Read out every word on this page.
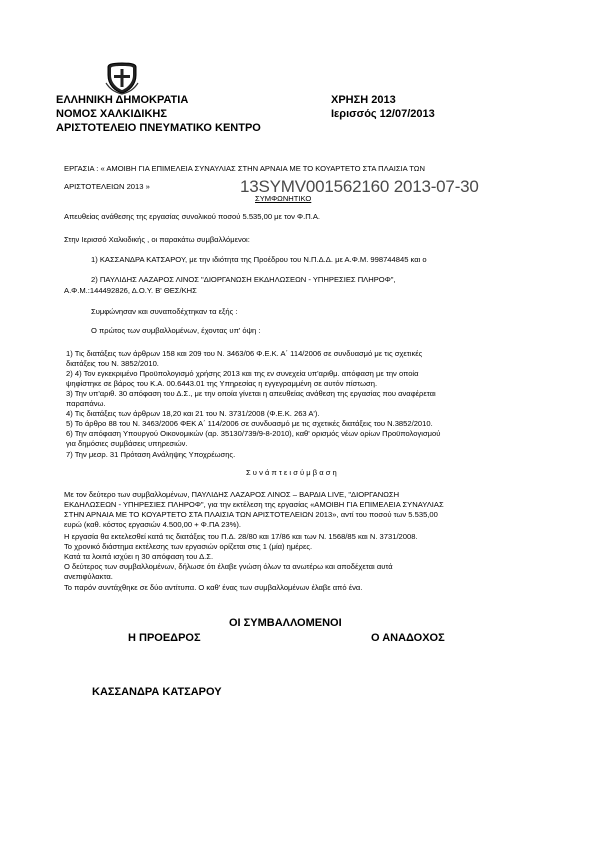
ΕΛΛΗΝΙΚΗ ΔΗΜΟΚΡΑΤΙΑ
ΝΟΜΟΣ ΧΑΛΚΙΔΙΚΗΣ
ΑΡΙΣΤΟΤΕΛΕΙΟ ΠΝΕΥΜΑΤΙΚΟ ΚΕΝΤΡΟ
ΧΡΗΣΗ 2013
Ιερισσός 12/07/2013
ΕΡΓΑΣΙΑ : « ΑΜΟΙΒΗ ΓΙΑ ΕΠΙΜΕΛΕΙΑ ΣΥΝΑΥΛΙΑΣ ΣΤΗΝ ΑΡΝΑΙΑ ΜΕ ΤΟ ΚΟΥΑΡΤΕΤΟ ΣΤΑ ΠΛΑΙΣΙΑ ΤΩΝ
ΑΡΙΣΤΟΤΕΛΕΙΩΝ 2013 »	13SYMV001562160 2013-07-30
ΣΥΜΦΩΝΗΤΙΚΟ
Απευθείας ανάθεσης της εργασίας συνολικού ποσού 5.535,00 με τον Φ.Π.Α.
Στην Ιερισσό Χαλκιδικής , οι παρακάτω συμβαλλόμενοι:
1) ΚΑΣΣΑΝΔΡΑ ΚΑΤΣΑΡΟΥ, με την ιδιότητα της Προέδρου του Ν.Π.Δ.Δ. με Α.Φ.Μ. 998744845 και ο
2) ΠΑΥΛΙΔΗΣ ΛΑΖΑΡΟΣ ΛΙΝΟΣ "ΔΙΟΡΓΑΝΩΣΗ ΕΚΔΗΛΩΣΕΩΝ - ΥΠΗΡΕΣΙΕΣ ΠΛΗΡΟΦ",
Α.Φ.Μ.:144492826, Δ.Ο.Υ. Β' ΘΕΣ/ΚΗΣ
Συμφώνησαν και συναποδέχτηκαν τα εξής :
Ο πρώτος των συμβαλλομένων, έχοντας υπ' όψη :
1) Τις διατάξεις των άρθρων 158 και 209 του Ν. 3463/06 Φ.Ε.Κ. Α΄ 114/2006 σε συνδυασμό με τις σχετικές
διατάξεις του Ν. 3852/2010.
2) 4) Τον εγκεκριμένο Προϋπολογισμό χρήσης 2013 και της εν συνεχεία υπ'αριθμ. απόφαση με την οποία
ψηφίστηκε σε βάρος του Κ.Α. 00.6443.01 της Υπηρεσίας η εγγεγραμμένη σε αυτόν πίστωση.
3) Την υπ'αριθ. 30 απόφαση του Δ.Σ., με την οποία γίνεται η απευθείας ανάθεση της εργασίας που αναφέρεται
παραπάνω.
4) Τις διατάξεις των άρθρων 18,20 και 21 του Ν. 3731/2008 (Φ.Ε.Κ. 263 Α').
5) Το άρθρο 88 του Ν. 3463/2006 ΦΕΚ Α΄ 114/2006 σε συνδυασμό με τις σχετικές διατάξεις του Ν.3852/2010.
6) Την απόφαση Υπουργού Οικονομικών (αρ. 35130/739/9-8-2010), καθ' ορισμός νέων ορίων Προϋπολογισμού
για δημόσιες συμβάσεις υπηρεσιών.
7) Την μεσρ. 31 Πρόταση Ανάληψης Υποχρέωσης.
Σ υ ν ά π τ ε ι σ ύ μ β α σ η
Με τον δεύτερο των συμβαλλομένων, ΠΑΥΛΙΔΗΣ ΛΑΖΑΡΟΣ ΛΙΝΟΣ – ΒΑΡΔΙΑ LIVE, "ΔΙΟΡΓΑΝΩΣΗ
ΕΚΔΗΛΩΣΕΩΝ - ΥΠΗΡΕΣΙΕΣ ΠΛΗΡΟΦ", για την εκτέλεση της εργασίας «ΑΜΟΙΒΗ ΓΙΑ ΕΠΙΜΕΛΕΙΑ ΣΥΝΑΥΛΙΑΣ
ΣΤΗΝ ΑΡΝΑΙΑ ΜΕ ΤΟ ΚΟΥΑΡΤΕΤΟ ΣΤΑ ΠΛΑΙΣΙΑ ΤΩΝ ΑΡΙΣΤΟΤΕΛΕΙΩΝ 2013», αντί του ποσού των 5.535,00
ευρώ (καθ. κόστος εργασιών 4.500,00 + Φ.ΠΑ 23%).
Η εργασία θα εκτελεσθεί κατά τις διατάξεις του Π.Δ. 28/80 και 17/86 και των Ν. 1568/85 και Ν. 3731/2008.
Το χρονικό διάστημα εκτέλεσης των εργασιών ορίζεται στις 1 (μία) ημέρες.
Κατά τα λοιπά ισχύει η 30 απόφαση του Δ.Σ.
Ο δεύτερος των συμβαλλομένων, δήλωσε ότι έλαβε γνώση όλων τα ανωτέρω και αποδέχεται αυτά
ανεπιφύλακτα.
Το παρόν συντάχθηκε σε δύο αντίτυπα. Ο καθ' ένας των συμβαλλομένων έλαβε από ένα.
ΟΙ ΣΥΜΒΑΛΛΟΜΕΝΟΙ
Η ΠΡΟΕΔΡΟΣ	Ο ΑΝΑΔΟΧΟΣ
ΚΑΣΣΑΝΔΡΑ ΚΑΤΣΑΡΟΥ
